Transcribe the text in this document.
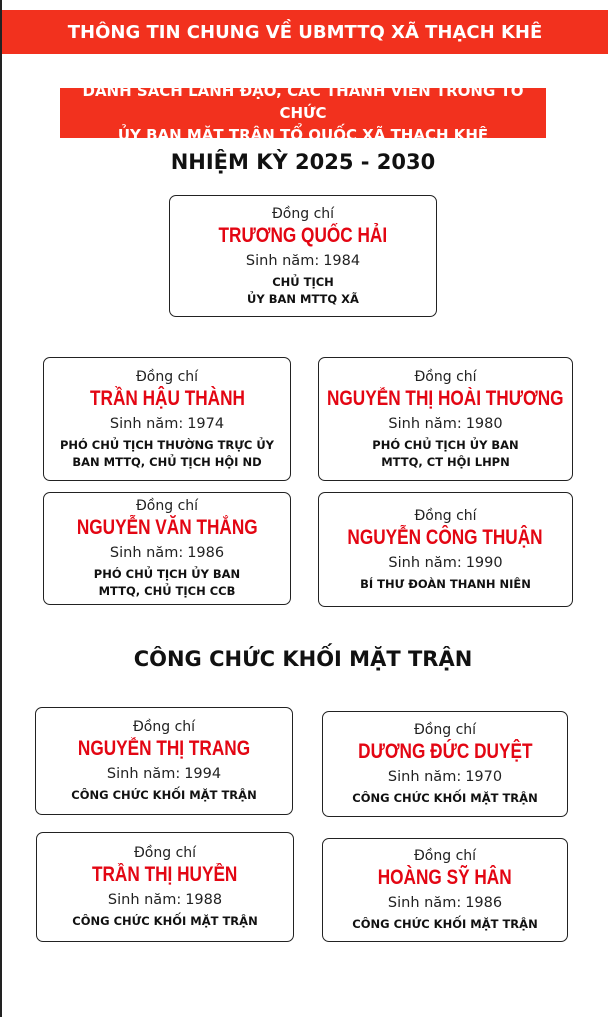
THÔNG TIN CHUNG VỀ UBMTTQ XÃ THẠCH KHÊ
DANH SÁCH LÃNH ĐẠO, CÁC THÀNH VIÊN TRONG TỔ CHỨC
ỦY BAN MẶT TRẬN TỔ QUỐC XÃ THẠCH KHÊ
NHIỆM KỲ 2025 - 2030
Đồng chí
TRƯƠNG QUỐC HẢI
Sinh năm: 1984
CHỦ TỊCH
ỦY BAN MTTQ XÃ
Đồng chí
TRẦN HẬU THÀNH
Sinh năm: 1974
PHÓ CHỦ TỊCH THƯỜNG TRỰC ỦY
BAN MTTQ, CHỦ TỊCH HỘI ND
Đồng chí
NGUYỄN THỊ HOÀI THƯƠNG
Sinh năm: 1980
PHÓ CHỦ TỊCH ỦY BAN
MTTQ, CT HỘI LHPN
Đồng chí
NGUYỄN VĂN THẮNG
Sinh năm: 1986
PHÓ CHỦ TỊCH ỦY BAN
MTTQ, CHỦ TỊCH CCB
Đồng chí
NGUYỄN CÔNG THUẬN
Sinh năm: 1990
BÍ THƯ ĐOÀN THANH NIÊN
CÔNG CHỨC KHỐI MẶT TRẬN
Đồng chí
NGUYỄN THỊ TRANG
Sinh năm: 1994
CÔNG CHỨC KHỐI MẶT TRẬN
Đồng chí
DƯƠNG ĐỨC DUYỆT
Sinh năm: 1970
CÔNG CHỨC KHỐI MẶT TRẬN
Đồng chí
TRẦN THỊ HUYỀN
Sinh năm: 1988
CÔNG CHỨC KHỐI MẶT TRẬN
Đồng chí
HOÀNG SỸ HÂN
Sinh năm: 1986
CÔNG CHỨC KHỐI MẶT TRẬN
